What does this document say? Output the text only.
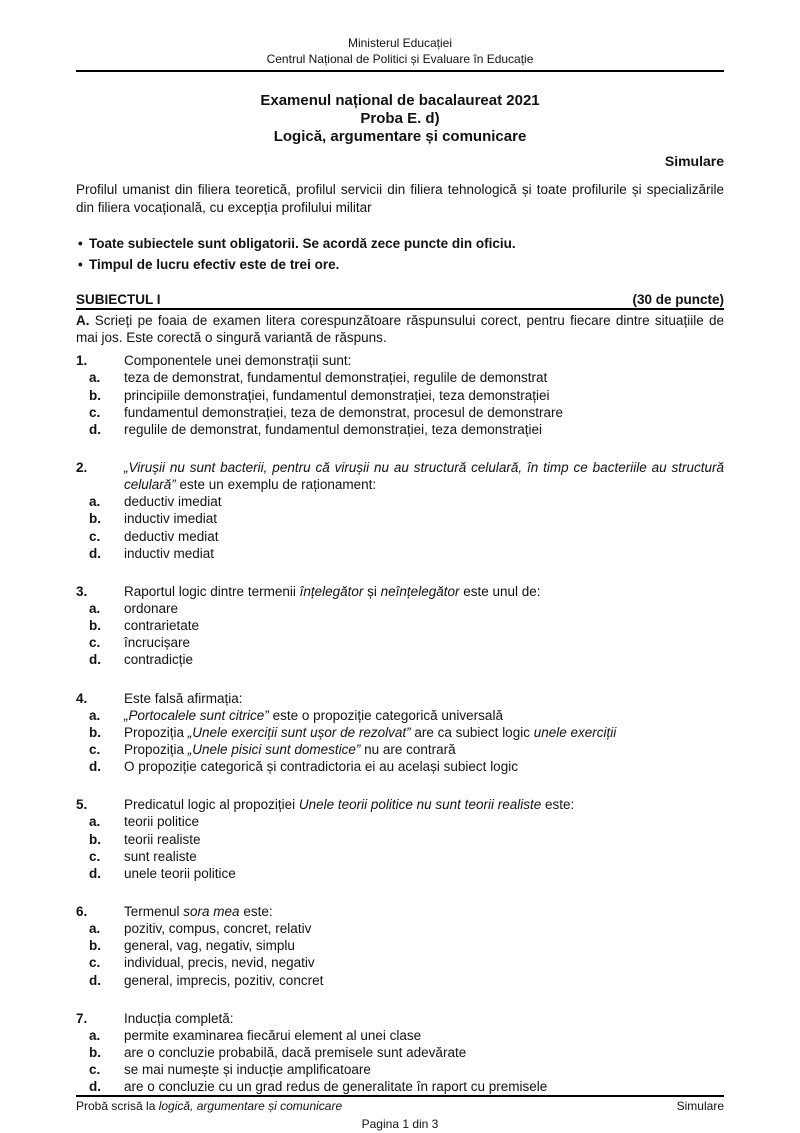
Ministerul Educației
Centrul Național de Politici și Evaluare în Educație
Examenul național de bacalaureat 2021
Proba E. d)
Logică, argumentare și comunicare
Simulare

Profilul umanist din filiera teoretică, profilul servicii din filiera tehnologică și toate profilurile și specializările din filiera vocațională, cu excepția profilului militar

• Toate subiectele sunt obligatorii. Se acordă zece puncte din oficiu.
• Timpul de lucru efectiv este de trei ore.
SUBIECTUL I	(30 de puncte)

A. Scrieți pe foaia de examen litera corespunzătoare răspunsului corect, pentru fiecare dintre situațiile de mai jos. Este corectă o singură variantă de răspuns.

1.	Componentele unei demonstrații sunt:
a.	teza de demonstrat, fundamentul demonstrației, regulile de demonstrat
b.	principiile demonstrației, fundamentul demonstrației, teza demonstrației
c.	fundamentul demonstrației, teza de demonstrat, procesul de demonstrare
d.	regulile de demonstrat, fundamentul demonstrației, teza demonstrației
2.	„Virușii nu sunt bacterii, pentru că virușii nu au structură celulară, în timp ce bacteriile au structură celulară” este un exemplu de raționament:
a.	deductiv imediat
b.	inductiv imediat
c.	deductiv mediat
d.	inductiv mediat
3.	Raportul logic dintre termenii înțelegător și neînțelegător este unul de:
a.	ordonare
b.	contrarietate
c.	încrucișare
d.	contradicție
4.	Este falsă afirmația:
a.	„Portocalele sunt citrice” este o propoziție categorică universală
b.	Propoziția „Unele exerciții sunt ușor de rezolvat” are ca subiect logic unele exerciții
c.	Propoziția „Unele pisici sunt domestice” nu are contrară
d.	O propoziție categorică și contradictoria ei au același subiect logic
5.	Predicatul logic al propoziției Unele teorii politice nu sunt teorii realiste este:
a.	teorii politice
b.	teorii realiste
c.	sunt realiste
d.	unele teorii politice
6.	Termenul sora mea este:
a.	pozitiv, compus, concret, relativ
b.	general, vag, negativ, simplu
c.	individual, precis, nevid, negativ
d.	general, imprecis, pozitiv, concret
7.	Inducția completă:
a.	permite examinarea fiecărui element al unei clase
b.	are o concluzie probabilă, dacă premisele sunt adevărate
c.	se mai numește și inducție amplificatoare
d.	are o concluzie cu un grad redus de generalitate în raport cu premisele
Probă scrisă la logică, argumentare și comunicare	Simulare
Pagina 1 din 3
